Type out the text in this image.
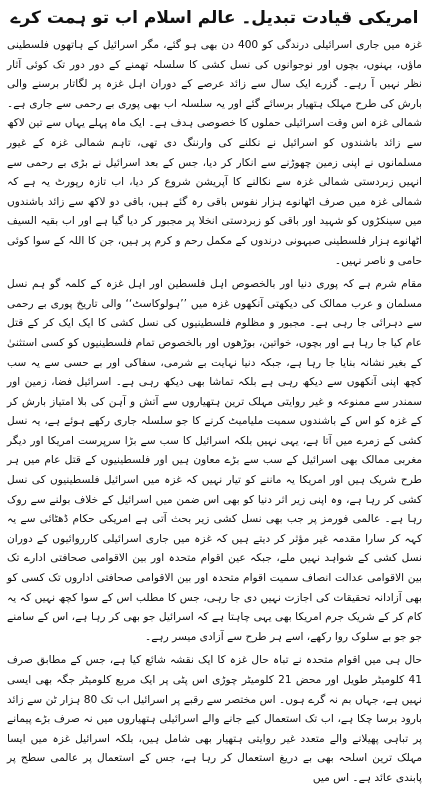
امریکی قیادت تبدیل۔ عالم اسلام اب تو ہمت کرے

غزہ میں جاری اسرائیلی درندگی کو 400 دن بھی ہو گئے، مگر اسرائیل کے ہاتھوں فلسطینی ماؤں، بہنوں، بچوں اور نوجوانوں کی نسل کشی کا سلسلہ تھمنے کے دور دور تک کوئی آثار نظر نہیں آ رہے۔ گزرے ایک سال سے زائد عرصے کے دوران اہل غزہ پر لگاتار برسنے والی بارش کی طرح مہلک ہتھیار برسائے گئے اور یہ سلسلہ اب بھی پوری بے رحمی سے جاری ہے۔ شمالی غزہ اس وقت اسرائیلی حملوں کا خصوصی ہدف ہے۔ ایک ماہ پہلے یہاں سے تین لاکھ سے زائد باشندوں کو اسرائیل نے نکلنے کی وارننگ دی تھی، تاہم شمالی غزہ کے غیور مسلمانوں نے اپنی زمین چھوڑنے سے انکار کر دیا، جس کے بعد اسرائیل نے بڑی بے رحمی سے انہیں زبردستی شمالی غزہ سے نکالنے کا آپریشن شروع کر دیا، اب تازہ رپورٹ یہ ہے کہ شمالی غزہ میں صرف اٹھانوے ہزار نفوس باقی رہ گئے ہیں، باقی دو لاکھ سے زائد باشندوں میں سینکڑوں کو شہید اور باقی کو زبردستی انخلا پر مجبور کر دیا گیا ہے اور اب بقیہ السیف اٹھانوے ہزار فلسطینی صیہونی درندوں کے مکمل رحم و کرم پر ہیں، جن کا اللہ کے سوا کوئی حامی و ناصر نہیں۔

مقام شرم ہے کہ پوری دنیا اور بالخصوص اہل فلسطین اور اہل غزہ کے کلمہ گو ہم نسل مسلمان و عرب ممالک کی دیکھتی آنکھوں غزہ میں ’’ہولوکاسٹ‘‘ والی تاریخ پوری بے رحمی سے دہرائی جا رہی ہے۔ مجبور و مظلوم فلسطینیوں کی نسل کشی کا ایک ایک کر کے قتل عام کیا جا رہا ہے اور بچوں، خواتین، بوڑھوں اور بالخصوص تمام فلسطینیوں کو کسی استثنیٰ کے بغیر نشانہ بنایا جا رہا ہے، جبکہ دنیا نہایت بے شرمی، سفاکی اور بے حسی سے یہ سب کچھ اپنی آنکھوں سے دیکھ رہی ہے بلکہ تماشا بھی دیکھ رہی ہے۔ اسرائیل فضا، زمین اور سمندر سے ممنوعہ و غیر روایتی مہلک ترین ہتھیاروں سے آتش و آہن کی بلا امتیاز بارش کر کے غزہ کو اس کے باشندوں سمیت ملیامیٹ کرنے کا جو سلسلہ جاری رکھے ہوئے ہے، یہ نسل کشی کے زمرے میں آتا ہے، یہی نہیں بلکہ اسرائیل کا سب سے بڑا سرپرست امریکا اور دیگر مغربی ممالک بھی اسرائیل کے سب سے بڑے معاون ہیں اور فلسطینیوں کے قتل عام میں ہر طرح شریک ہیں اور امریکا یہ ماننے کو تیار نہیں کہ غزہ میں اسرائیل فلسطینیوں کی نسل کشی کر رہا ہے، وہ اپنی زیر اثر دنیا کو بھی اس ضمن میں اسرائیل کے خلاف بولنے سے روک رہا ہے۔ عالمی فورمز پر جب بھی نسل کشی زیر بحث آتی ہے امریکی حکام ڈھٹائی سے یہ کہہ کر سارا مقدمہ غیر مؤثر کر دیتے ہیں کہ غزہ میں جاری اسرائیلی کارروائیوں کے دوران نسل کشی کے شواہد نہیں ملے، جبکہ عین اقوام متحدہ اور بین الاقوامی صحافتی ادارے تک بین الاقوامی عدالت انصاف سمیت اقوام متحدہ اور بین الاقوامی صحافتی اداروں تک کسی کو بھی آزادانہ تحقیقات کی اجازت نہیں دی جا رہی، جس کا مطلب اس کے سوا کچھ نہیں کہ یہ کام کر کے شریک جرم امریکا بھی یہی چاہتا ہے کہ اسرائیل جو بھی کر رہا ہے، اس کے سامنے جو جو بے سلوک روا رکھے، اسے ہر طرح سے آزادی میسر رہے۔

حال ہی میں اقوام متحدہ نے تباہ حال غزہ کا ایک نقشہ شائع کیا ہے، جس کے مطابق صرف 41 کلومیٹر طویل اور محض 21 کلومیٹر چوڑی اس پٹی پر ایک مربع کلومیٹر جگہ بھی ایسی نہیں ہے، جہاں بم نہ گرے ہوں۔ اس مختصر سے رقبے پر اسرائیل اب تک 80 ہزار ٹن سے زائد بارود برسا چکا ہے، اب تک استعمال کیے جانے والے اسرائیلی ہتھیاروں میں نہ صرف بڑے پیمانے پر تباہی پھیلانے والے متعدد غیر روایتی ہتھیار بھی شامل ہیں، بلکہ اسرائیل غزہ میں ایسا مہلک ترین اسلحہ بھی بے دریغ استعمال کر رہا ہے، جس کے استعمال پر عالمی سطح پر پابندی عائد ہے۔ اس میں
